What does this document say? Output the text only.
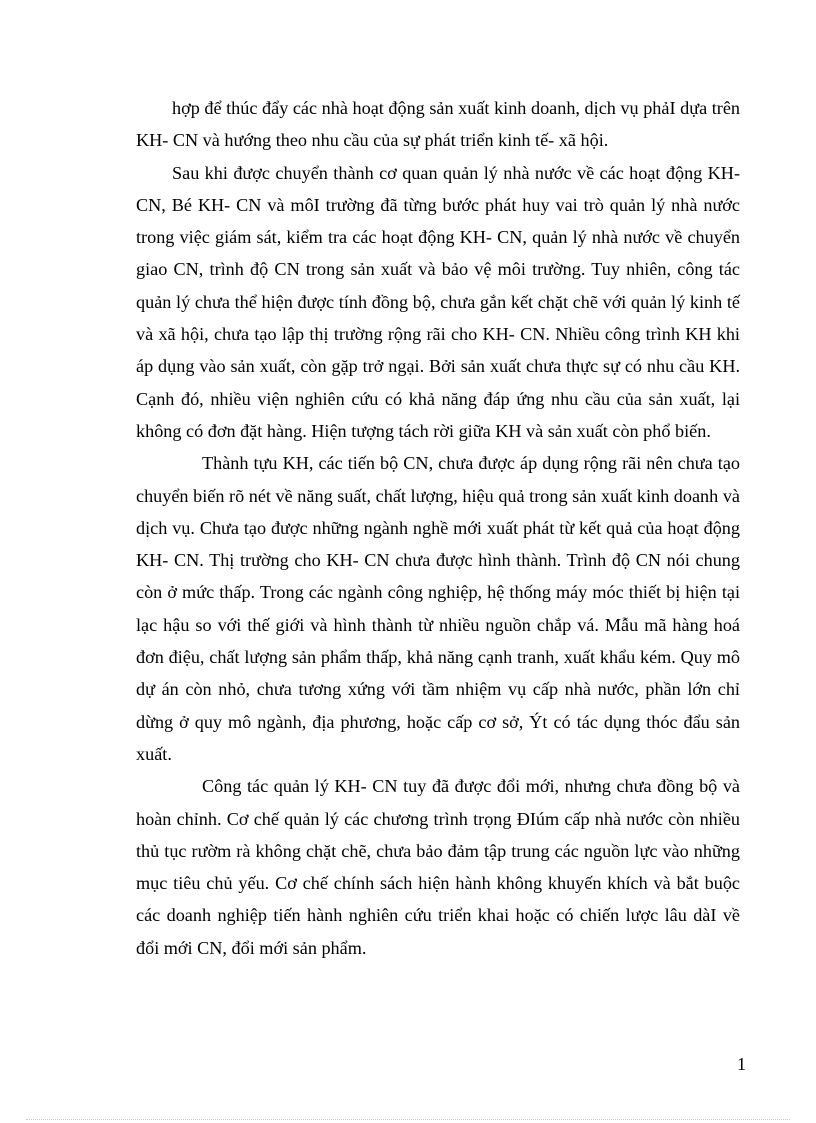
hợp để thúc đẩy các nhà hoạt động sản xuất kinh doanh, dịch vụ phảI dựa trên KH- CN và hướng theo nhu cầu của sự phát triển kinh tế- xã hội.

Sau khi được chuyển thành cơ quan quản lý nhà nước về các hoạt động KH- CN, Bé KH- CN và môI trường đã từng bước phát huy vai trò quản lý nhà nước trong việc giám sát, kiểm tra các hoạt động KH- CN, quản lý nhà nước về chuyển giao CN, trình độ CN trong sản xuất và bảo vệ môi trường. Tuy nhiên, công tác quản lý chưa thể hiện được tính đồng bộ, chưa gắn kết chặt chẽ với quản lý kinh tế và xã hội, chưa tạo lập thị trường rộng rãi cho KH- CN. Nhiều công trình KH khi áp dụng vào sản xuất, còn gặp trở ngại. Bởi sản xuất chưa thực sự có nhu cầu KH. Cạnh đó, nhiều viện nghiên cứu có khả năng đáp ứng nhu cầu của sản xuất, lại không có đơn đặt hàng. Hiện tượng tách rời giữa KH và sản xuất còn phổ biến.

Thành tựu KH, các tiến bộ CN, chưa được áp dụng rộng rãi nên chưa tạo chuyển biến rõ nét về năng suất, chất lượng, hiệu quả trong sản xuất kinh doanh và dịch vụ. Chưa tạo được những ngành nghề mới xuất phát từ kết quả của hoạt động KH- CN. Thị trường cho KH- CN chưa được hình thành. Trình độ CN nói chung còn ở mức thấp. Trong các ngành công nghiệp, hệ thống máy móc thiết bị hiện tại lạc hậu so với thế giới và hình thành từ nhiều nguồn chắp vá. Mẫu mã hàng hoá đơn điệu, chất lượng sản phẩm thấp, khả năng cạnh tranh, xuất khẩu kém. Quy mô dự án còn nhỏ, chưa tương xứng với tầm nhiệm vụ cấp nhà nước, phần lớn chỉ dừng ở quy mô ngành, địa phương, hoặc cấp cơ sở, Ýt có tác dụng thóc đẩu sản xuất.

Công tác quản lý KH- CN tuy đã được đổi mới, nhưng chưa đồng bộ và hoàn chỉnh. Cơ chế quản lý các chương trình trọng ĐIúm cấp nhà nước còn nhiều thủ tục rườm rà không chặt chẽ, chưa bảo đảm tập trung các nguồn lực vào những mục tiêu chủ yếu. Cơ chế chính sách hiện hành không khuyến khích và bắt buộc các doanh nghiệp tiến hành nghiên cứu triển khai hoặc có chiến lược lâu dàI về đổi mới CN, đổi mới sản phẩm.

1
